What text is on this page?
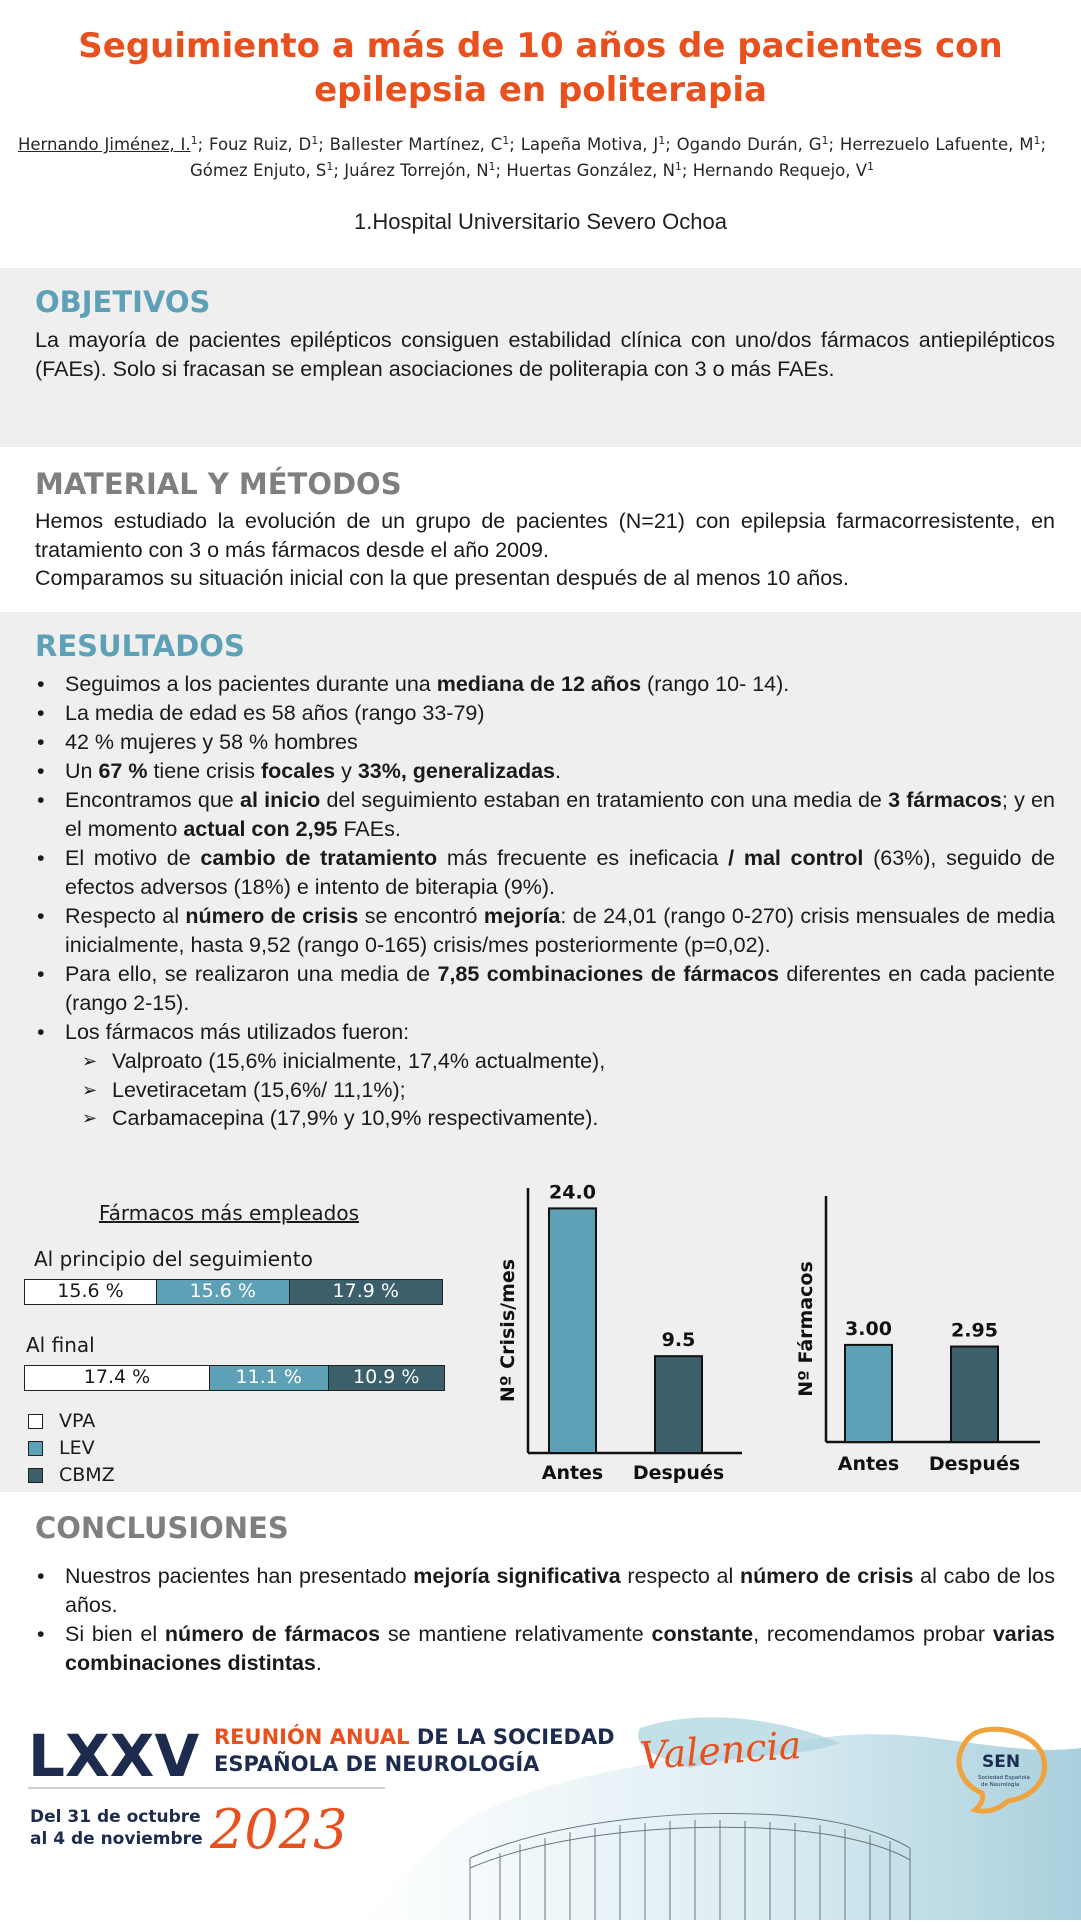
Seguimiento a más de 10 años de pacientes con
epilepsia en politerapia
Hernando Jiménez, I.$^1$; Fouz Ruiz, $D^1$; Ballester Martínez, $C^1$; Lapeña Motiva, $J^1$; Ogando Durán, $G^1$; Herrezuelo Lafuente, $M^1$; Gómez Enjuto, $S^1$; Juárez Torrejón, $N^1$; Huertas González, $N^1$; Hernando Requejo, $V^1$
1.Hospital Universitario Severo Ochoa
OBJETIVOS

La mayoría de pacientes epilépticos consiguen estabilidad clínica con uno/dos fármacos antiepilépticos (FAEs). Solo si fracasan se emplean asociaciones de politerapia con 3 o más FAEs.

MATERIAL Y MÉTODOS

Hemos estudiado la evolución de un grupo de pacientes (N=21) con epilepsia farmacorresistente, en tratamiento con 3 o más fármacos desde el año 2009.

Comparamos su situación inicial con la que presentan después de al menos 10 años.

RESULTADOS
• Seguimos a los pacientes durante una mediana de 12 años (rango 10- 14).
• La media de edad es 58 años (rango 33-79)
• 42 % mujeres y 58 % hombres
• Un 67 % tiene crisis focales y 33%, generalizadas.
• Encontramos que al inicio del seguimiento estaban en tratamiento con una media de 3 fármacos; y en el momento actual con 2,95 FAEs.
• El motivo de cambio de tratamiento más frecuente es ineficacia / mal control (63%), seguido de efectos adversos (18%) e intento de biterapia (9%).
• Respecto al número de crisis se encontró mejoría: de 24,01 (rango 0-270) crisis mensuales de media inicialmente, hasta 9,52 (rango 0-165) crisis/mes posteriormente (p=0,02).
• Para ello, se realizaron una media de 7,85 combinaciones de fármacos diferentes en cada paciente (rango 2-15).
• Los fármacos más utilizados fueron:
➢ Valproato (15,6% inicialmente, 17,4% actualmente),
➢ Levetiracetam (15,6%/ 11,1%);
➢ Carbamacepina (17,9% y 10,9% respectivamente).
Fármacos más empleados
Al principio del seguimiento
Al final
15.6 %	15.6 %	17.9 %
17.4 %	11.1 %	10.9 %
VPA
LEV
CBMZ
24.0
Antes
9.5
Después
Nº Crisis/mes	3.00
Antes
2.95
Después
Nº Fármacos
CONCLUSIONES
• Nuestros pacientes han presentado mejoría significativa respecto al número de crisis al cabo de los años.
• Si bien el número de fármacos se mantiene relativamente constante, recomendamos probar varias combinaciones distintas.
LXXV REUNIÓN ANUAL DE LA SOCIEDAD
ESPAÑOLA DE NEUROLOGÍA	Valencia
Del 31 de octubre
al 4 de noviembre 2023
SEN
Sociedad Española
de Neurología
